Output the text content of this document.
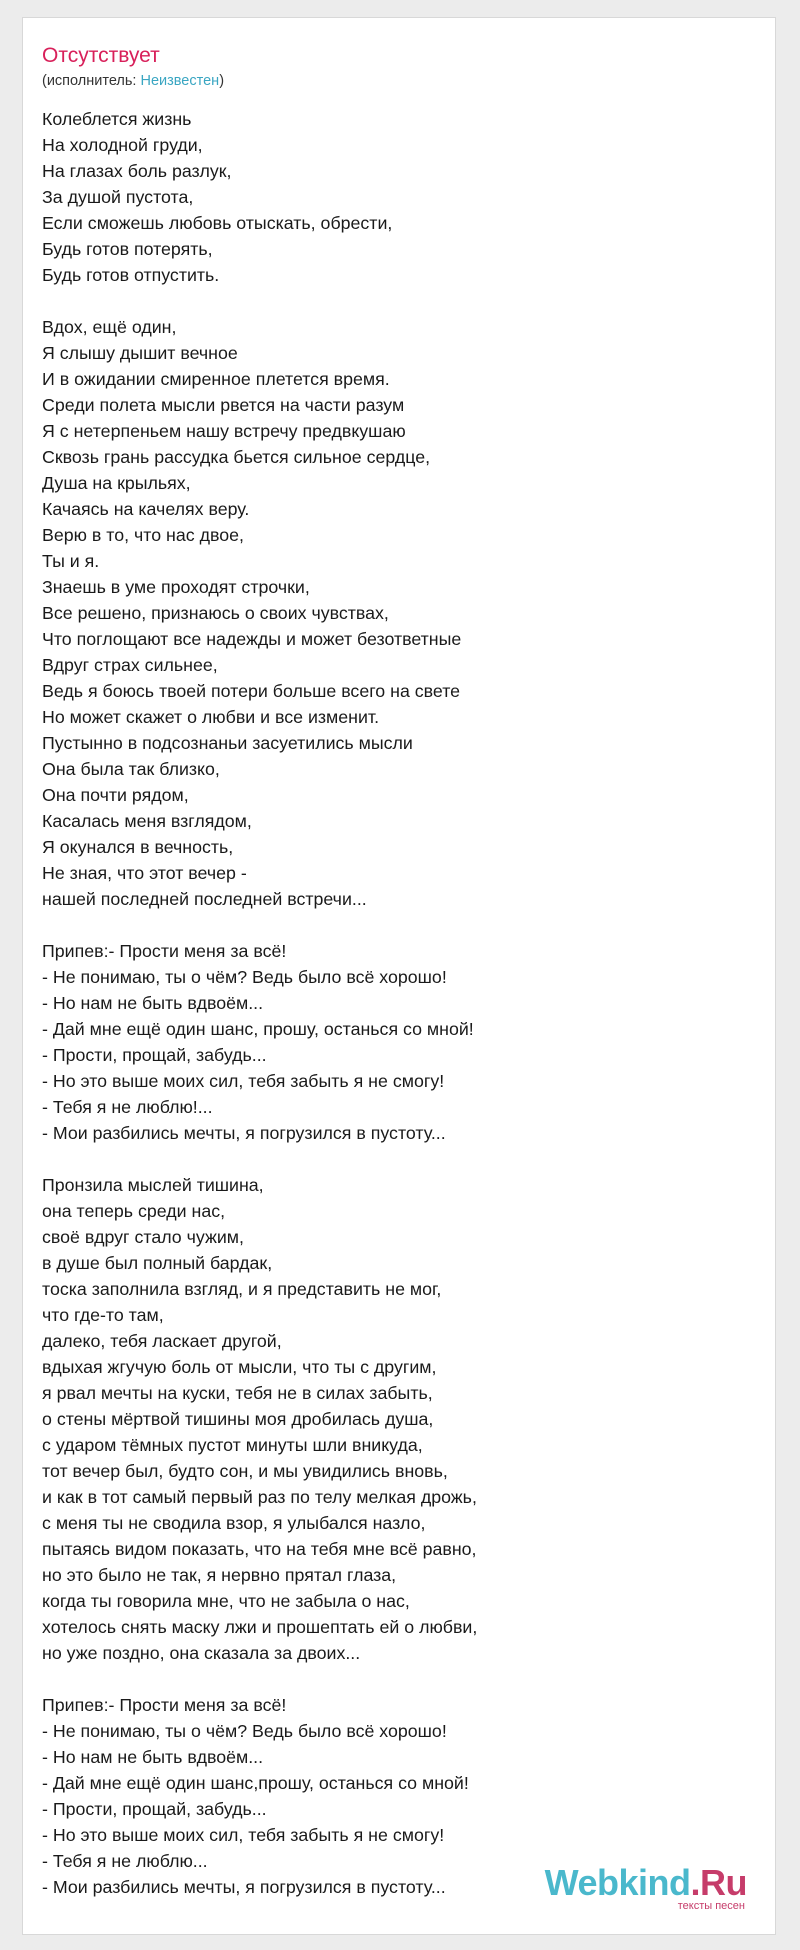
Отсутствует
(исполнитель: Неизвестен)
Колеблется жизнь
На холодной груди,
На глазах боль разлук,
За душой пустота,
Если сможешь любовь отыскать, обрести,
Будь готов потерять,
Будь готов отпустить.
Вдох, ещё один,
Я слышу дышит вечное
И в ожидании смиренное плетется время.
Среди полета мысли рвется на части разум
Я с нетерпеньем нашу встречу предвкушаю
Сквозь грань рассудка бьется сильное сердце,
Душа на крыльях,
Качаясь на качелях веру.
Верю в то, что нас двое,
Ты и я.
Знаешь в уме проходят строчки,
Все решено, признаюсь о своих чувствах,
Что поглощают все надежды и может безответные
Вдруг страх сильнее,
Ведь я боюсь твоей потери больше всего на свете
Но может скажет о любви и все изменит.
Пустынно в подсознаньи засуетились мысли
Она была так близко,
Она почти рядом,
Касалась меня взглядом,
Я окунался в вечность,
Не зная, что этот вечер -
нашей последней последней встречи...
Припев:- Прости меня за всё!
- Не понимаю, ты о чём? Ведь было всё хорошо!
- Но нам не быть вдвоём...
- Дай мне ещё один шанс, прошу, останься со мной!
- Прости, прощай, забудь...
- Но это выше моих сил, тебя забыть я не смогу!
- Тебя я не люблю!...
- Мои разбились мечты, я погрузился в пустоту...
Пронзила мыслей тишина,
она теперь среди нас,
своё вдруг стало чужим,
в душе был полный бардак,
тоска заполнила взгляд, и я представить не мог,
что где-то там,
далеко, тебя ласкает другой,
вдыхая жгучую боль от мысли, что ты с другим,
я рвал мечты на куски, тебя не в силах забыть,
о стены мёртвой тишины моя дробилась душа,
с ударом тёмных пустот минуты шли вникуда,
тот вечер был, будто сон, и мы увидились вновь,
и как в тот самый первый раз по телу мелкая дрожь,
с меня ты не сводила взор, я улыбался назло,
пытаясь видом показать, что на тебя мне всё равно,
но это было не так, я нервно прятал глаза,
когда ты говорила мне, что не забыла о нас,
хотелось снять маску лжи и прошептать ей о любви,
но уже поздно, она сказала за двоих...
Припев:- Прости меня за всё!
- Не понимаю, ты о чём? Ведь было всё хорошо!
- Но нам не быть вдвоём...
- Дай мне ещё один шанс,прошу, останься со мной!
- Прости, прощай, забудь...
- Но это выше моих сил, тебя забыть я не смогу!
- Тебя я не люблю...
- Мои разбились мечты, я погрузился в пустоту...	Webkind.Ru
тексты песен
